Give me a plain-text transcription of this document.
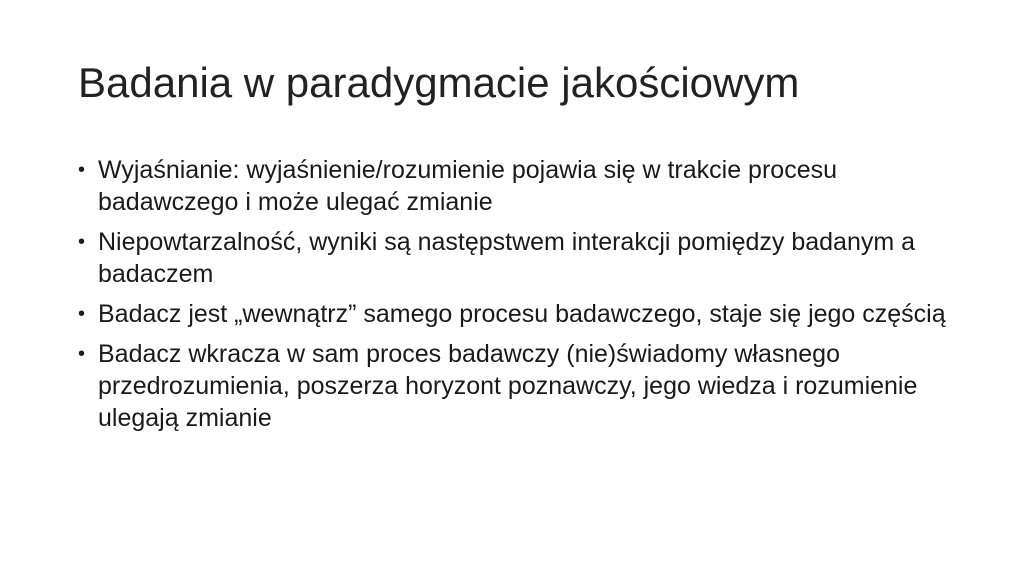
Badania w paradygmacie jakościowym
• Wyjaśnianie: wyjaśnienie/rozumienie pojawia się w trakcie procesu badawczego i może ulegać zmianie
• Niepowtarzalność, wyniki są następstwem interakcji pomiędzy badanym a badaczem
• Badacz jest „wewnątrz” samego procesu badawczego, staje się jego częścią
• Badacz wkracza w sam proces badawczy (nie)świadomy własnego przedrozumienia, poszerza horyzont poznawczy, jego wiedza i rozumienie ulegają zmianie
